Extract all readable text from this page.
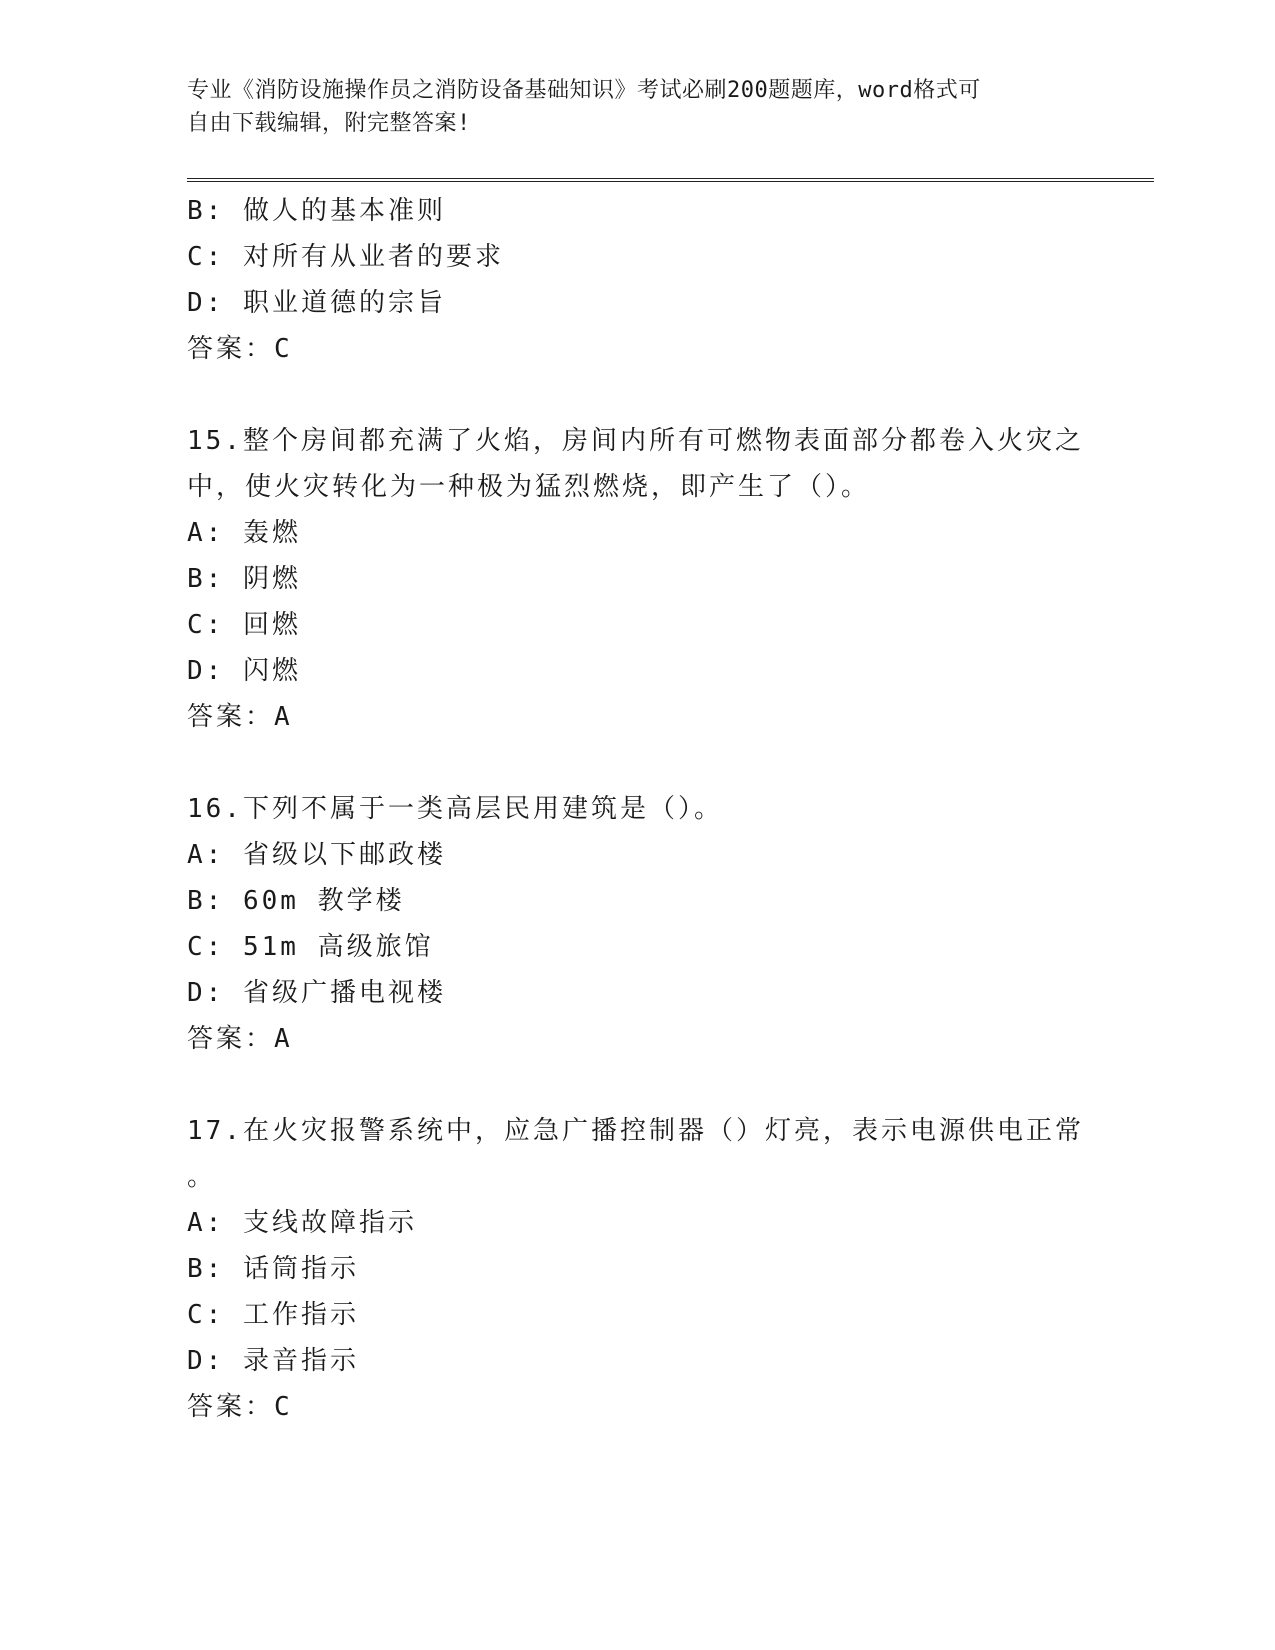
专业《消防设施操作员之消防设备基础知识》考试必刷200题题库，word格式可
自由下载编辑，附完整答案!
B: 做人的基本准则
C: 对所有从业者的要求
D: 职业道德的宗旨
答案：C
15.整个房间都充满了火焰，房间内所有可燃物表面部分都卷入火灾之
中，使火灾转化为一种极为猛烈燃烧，即产生了（）。
A: 轰燃
B: 阴燃
C: 回燃
D: 闪燃
答案：A
16.下列不属于一类高层民用建筑是（）。
A: 省级以下邮政楼
B: 60m 教学楼
C: 51m 高级旅馆
D: 省级广播电视楼
答案：A
17.在火灾报警系统中，应急广播控制器（）灯亮，表示电源供电正常
。
A: 支线故障指示
B: 话筒指示
C: 工作指示
D: 录音指示
答案：C
